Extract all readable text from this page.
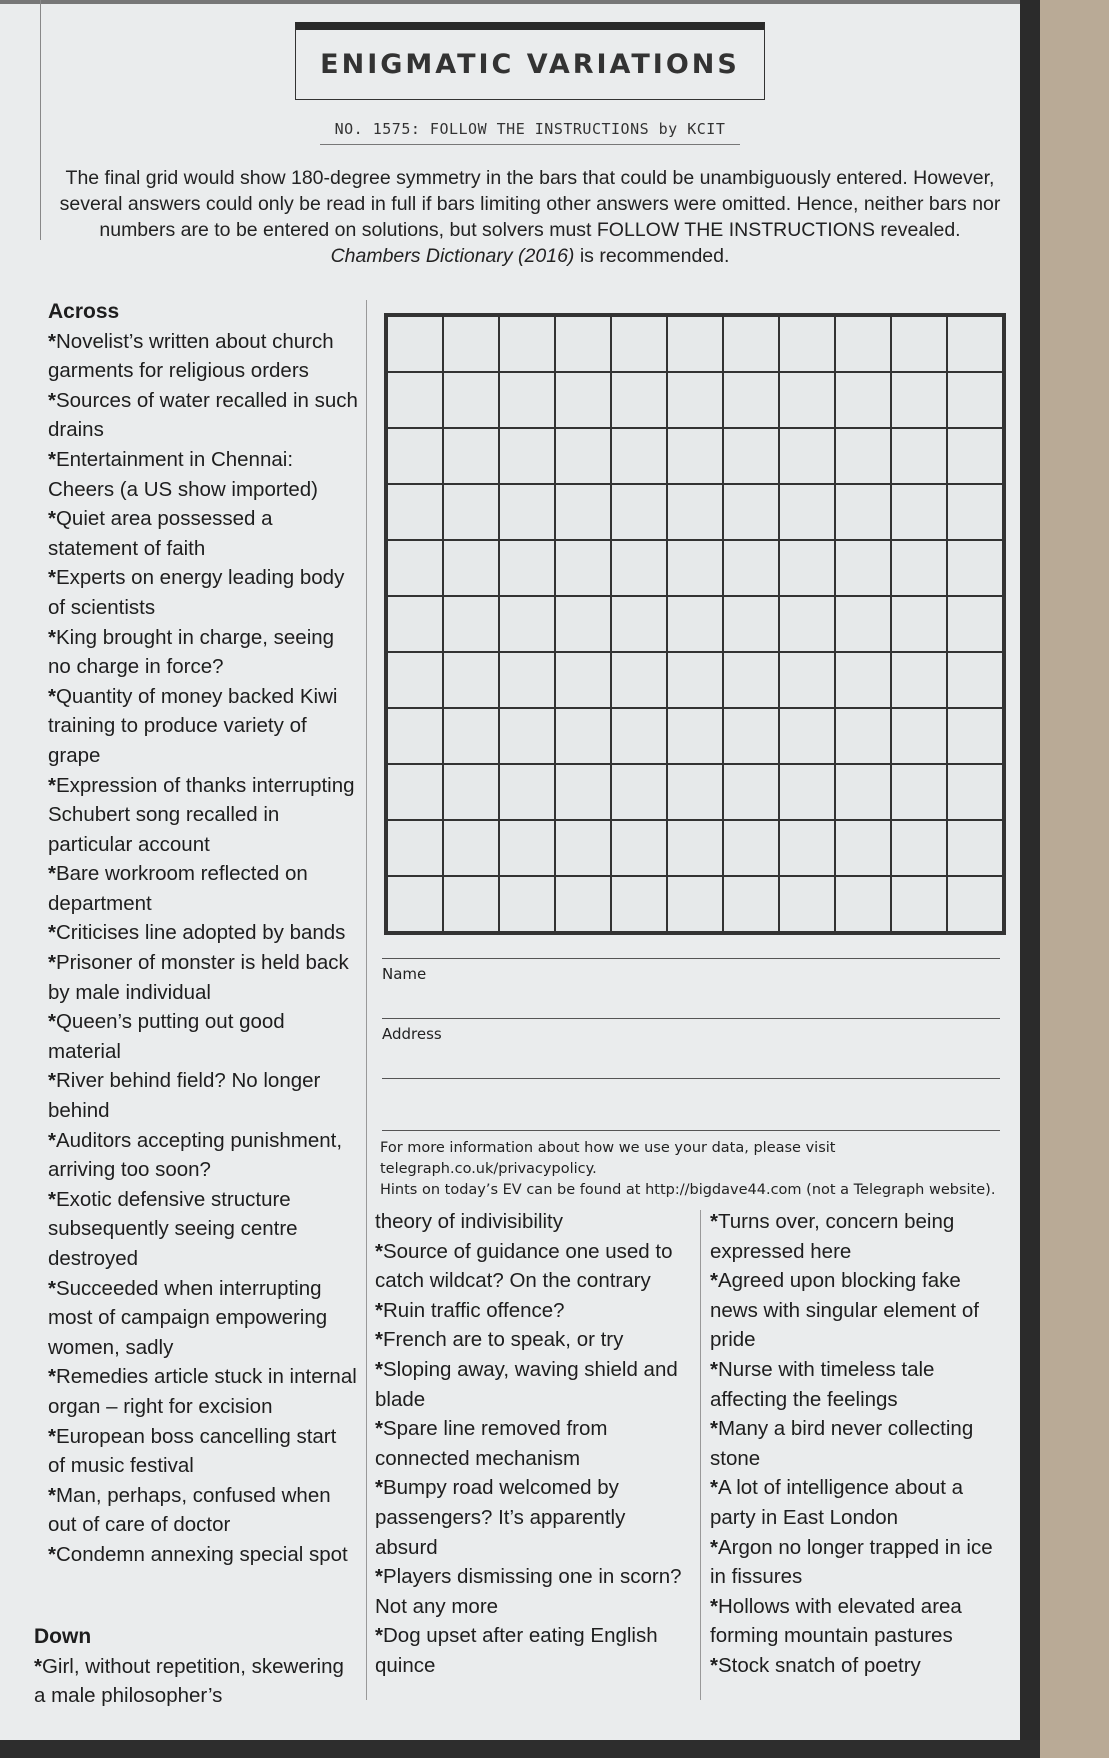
ENIGMATIC VARIATIONS
NO. 1575: FOLLOW THE INSTRUCTIONS by KCIT
The final grid would show 180-degree symmetry in the bars that could be unambiguously entered. However, several answers could only be read in full if bars limiting other answers were omitted. Hence, neither bars nor numbers are to be entered on solutions, but solvers must FOLLOW THE INSTRUCTIONS revealed. Chambers Dictionary (2016) is recommended.
Across
*Novelist’s written about church garments for religious orders
*Sources of water recalled in such drains
*Entertainment in Chennai: Cheers (a US show imported)
*Quiet area possessed a statement of faith
*Experts on energy leading body of scientists
*King brought in charge, seeing no charge in force?
*Quantity of money backed Kiwi training to produce variety of grape
*Expression of thanks interrupting Schubert song recalled in particular account
*Bare workroom reflected on department
*Criticises line adopted by bands
*Prisoner of monster is held back by male individual
*Queen’s putting out good material
*River behind field? No longer behind
*Auditors accepting punishment, arriving too soon?
*Exotic defensive structure subsequently seeing centre destroyed
*Succeeded when interrupting most of campaign empowering women, sadly
*Remedies article stuck in internal organ – right for excision
*European boss cancelling start of music festival
*Man, perhaps, confused when out of care of doctor
*Condemn annexing special spot
Down
*Girl, without repetition, skewering a male philosopher’s
theory of indivisibility
*Source of guidance one used to catch wildcat? On the contrary
*Ruin traffic offence?
*French are to speak, or try
*Sloping away, waving shield and blade
*Spare line removed from connected mechanism
*Bumpy road welcomed by passengers? It’s apparently absurd
*Players dismissing one in scorn? Not any more
*Dog upset after eating English quince
*Turns over, concern being expressed here
*Agreed upon blocking fake news with singular element of pride
*Nurse with timeless tale affecting the feelings
*Many a bird never collecting stone
*A lot of intelligence about a party in East London
*Argon no longer trapped in ice in fissures
*Hollows with elevated area forming mountain pastures
*Stock snatch of poetry
Name
Address
For more information about how we use your data, please visit telegraph.co.uk/privacypolicy.
Hints on today’s EV can be found at http://bigdave44.com (not a Telegraph website).
